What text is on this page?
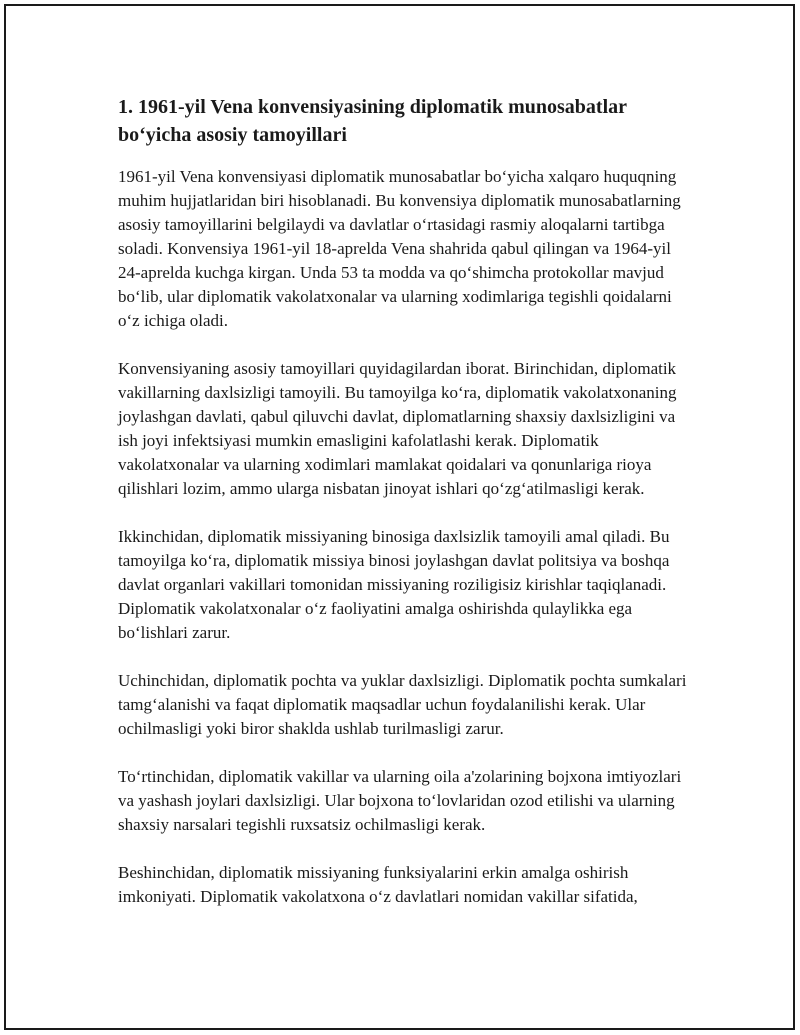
1. 1961-yil Vena konvensiyasining diplomatik munosabatlar bo‘yicha asosiy tamoyillari

1961-yil Vena konvensiyasi diplomatik munosabatlar bo‘yicha xalqaro huquqning muhim hujjatlaridan biri hisoblanadi. Bu konvensiya diplomatik munosabatlarning asosiy tamoyillarini belgilaydi va davlatlar o‘rtasidagi rasmiy aloqalarni tartibga soladi. Konvensiya 1961-yil 18-aprelda Vena shahrida qabul qilingan va 1964-yil 24-aprelda kuchga kirgan. Unda 53 ta modda va qo‘shimcha protokollar mavjud bo‘lib, ular diplomatik vakolatxonalar va ularning xodimlariga tegishli qoidalarni o‘z ichiga oladi.

Konvensiyaning asosiy tamoyillari quyidagilardan iborat. Birinchidan, diplomatik vakillarning daxlsizligi tamoyili. Bu tamoyilga ko‘ra, diplomatik vakolatxonaning joylashgan davlati, qabul qiluvchi davlat, diplomatlarning shaxsiy daxlsizligini va ish joyi infektsiyasi mumkin emasligini kafolatlashi kerak. Diplomatik vakolatxonalar va ularning xodimlari mamlakat qoidalari va qonunlariga rioya qilishlari lozim, ammo ularga nisbatan jinoyat ishlari qo‘zg‘atilmasligi kerak.

Ikkinchidan, diplomatik missiyaning binosiga daxlsizlik tamoyili amal qiladi. Bu tamoyilga ko‘ra, diplomatik missiya binosi joylashgan davlat politsiya va boshqa davlat organlari vakillari tomonidan missiyaning roziligisiz kirishlar taqiqlanadi. Diplomatik vakolatxonalar o‘z faoliyatini amalga oshirishda qulaylikka ega bo‘lishlari zarur.

Uchinchidan, diplomatik pochta va yuklar daxlsizligi. Diplomatik pochta sumkalari tamg‘alanishi va faqat diplomatik maqsadlar uchun foydalanilishi kerak. Ular ochilmasligi yoki biror shaklda ushlab turilmasligi zarur.

To‘rtinchidan, diplomatik vakillar va ularning oila a'zolarining bojxona imtiyozlari va yashash joylari daxlsizligi. Ular bojxona to‘lovlaridan ozod etilishi va ularning shaxsiy narsalari tegishli ruxsatsiz ochilmasligi kerak.

Beshinchidan, diplomatik missiyaning funksiyalarini erkin amalga oshirish imkoniyati. Diplomatik vakolatxona o‘z davlatlari nomidan vakillar sifatida,
